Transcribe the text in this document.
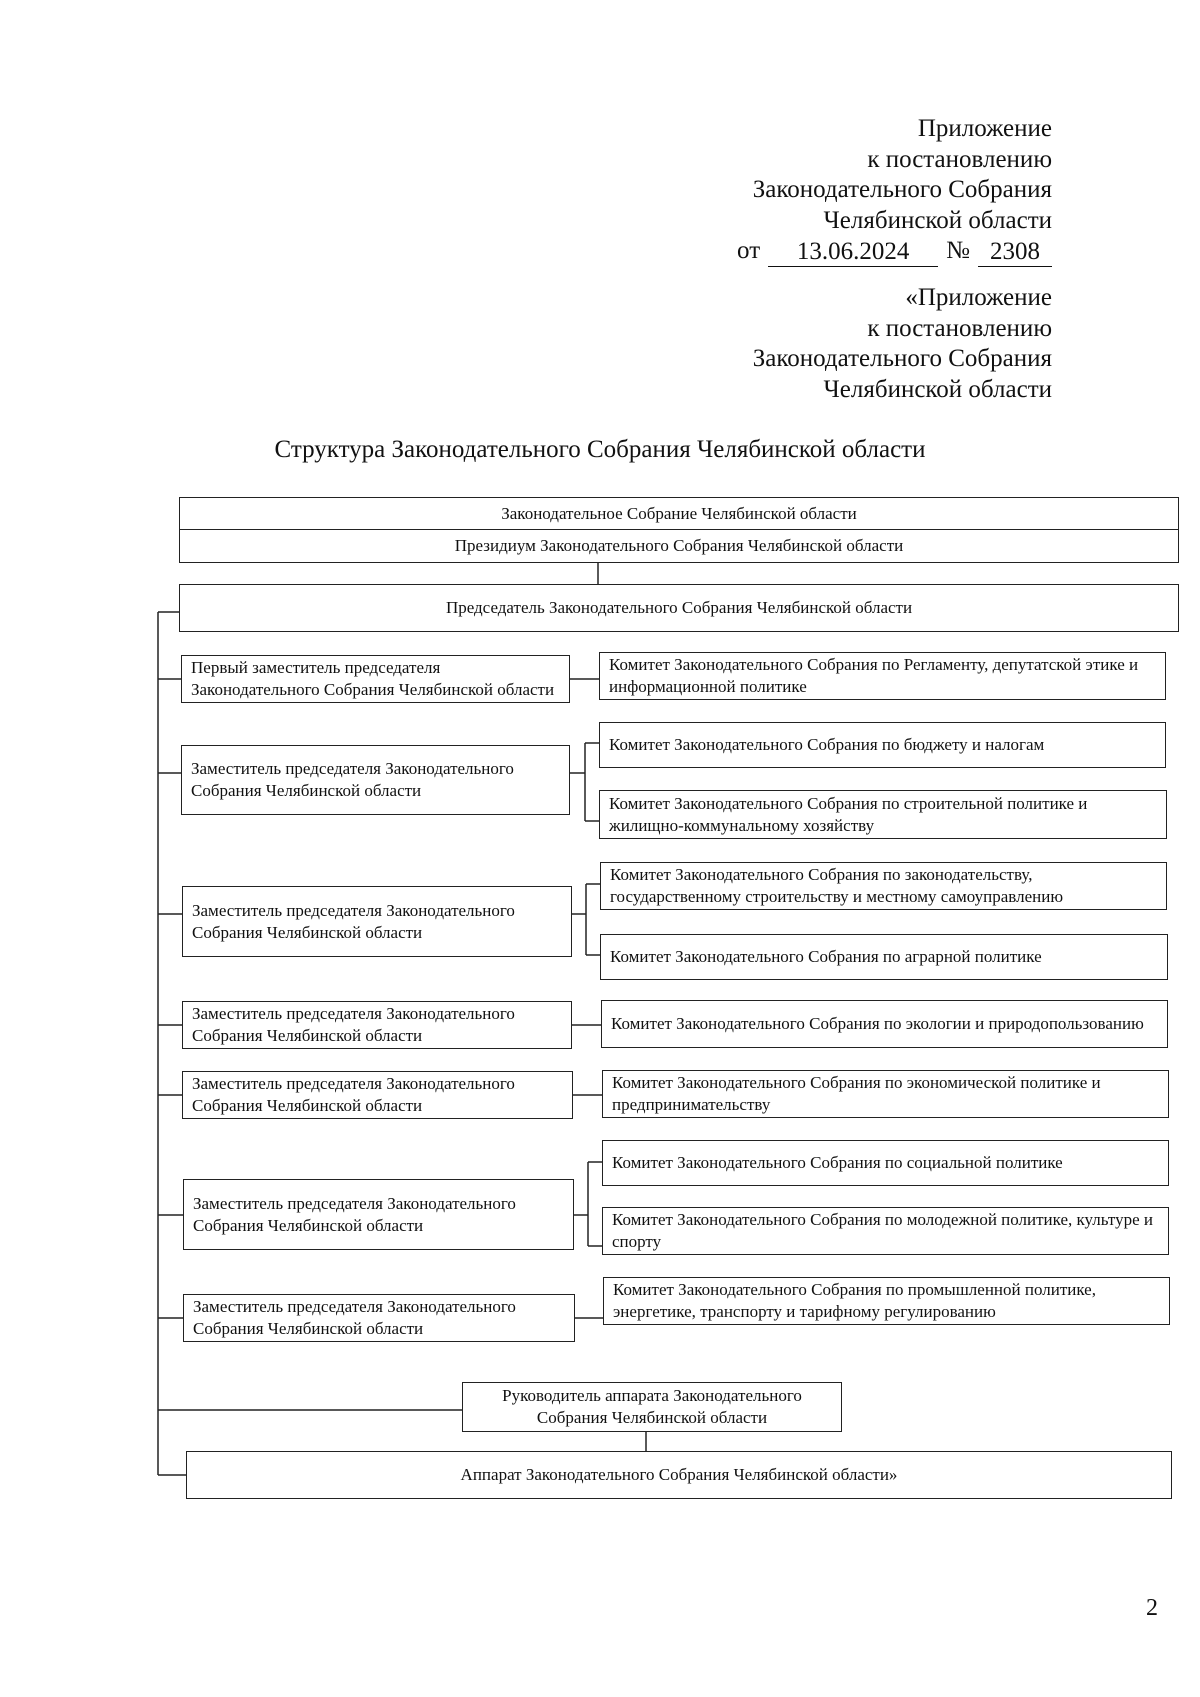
Приложение
к постановлению
Законодательного Собрания
Челябинской области
от	13.06.2024	№ 2308
«Приложение
к постановлению
Законодательного Собрания
Челябинской области
Структура Законодательного Собрания Челябинской области
Законодательное Собрание Челябинской области
Президиум Законодательного Собрания Челябинской области
Председатель Законодательного Собрания Челябинской области
Первый заместитель председателя Законодательного Собрания Челябинской области
Заместитель председателя Законодательного Собрания Челябинской области
Заместитель председателя Законодательного Собрания Челябинской области
Заместитель председателя Законодательного Собрания Челябинской области
Заместитель председателя Законодательного Собрания Челябинской области
Заместитель председателя Законодательного Собрания Челябинской области
Заместитель председателя Законодательного Собрания Челябинской области
Комитет Законодательного Собрания по Регламенту, депутатской этике и информационной политике
Комитет Законодательного Собрания по бюджету и налогам
Комитет Законодательного Собрания по строительной политике и жилищно-коммунальному хозяйству
Комитет Законодательного Собрания по законодательству, государственному строительству и местному самоуправлению
Комитет Законодательного Собрания по аграрной политике
Комитет Законодательного Собрания по экологии и природопользованию
Комитет Законодательного Собрания по экономической политике и предпринимательству
Комитет Законодательного Собрания по социальной политике
Комитет Законодательного Собрания по молодежной политике, культуре и спорту
Комитет Законодательного Собрания по промышленной политике, энергетике, транспорту и тарифному регулированию
Руководитель аппарата Законодательного Собрания Челябинской области
Аппарат Законодательного Собрания Челябинской области»
2
